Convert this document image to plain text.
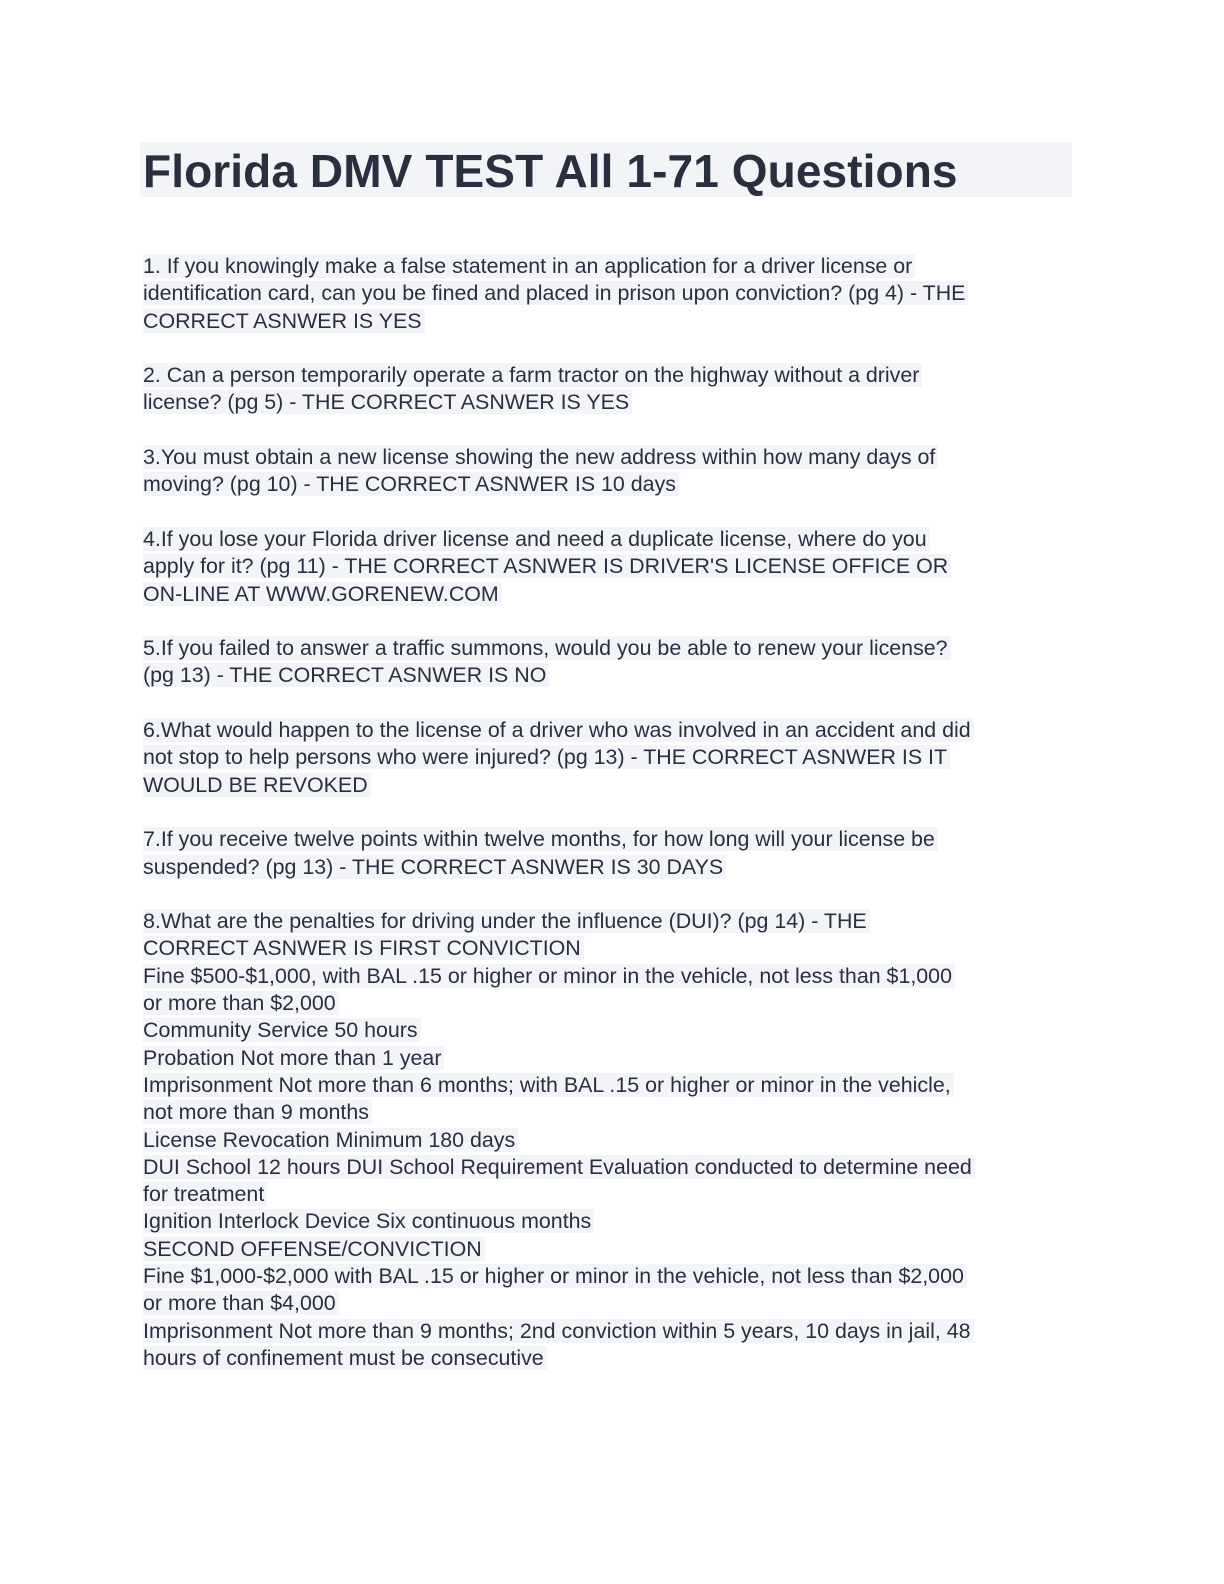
Florida DMV TEST All 1-71 Questions
1. If you knowingly make a false statement in an application for a driver license or
identification card, can you be fined and placed in prison upon conviction? (pg 4) - THE
CORRECT ASNWER IS YES
2. Can a person temporarily operate a farm tractor on the highway without a driver
license? (pg 5) - THE CORRECT ASNWER IS YES
3.You must obtain a new license showing the new address within how many days of
moving? (pg 10) - THE CORRECT ASNWER IS 10 days
4.If you lose your Florida driver license and need a duplicate license, where do you
apply for it? (pg 11) - THE CORRECT ASNWER IS DRIVER'S LICENSE OFFICE OR
ON-LINE AT WWW.GORENEW.COM
5.If you failed to answer a traffic summons, would you be able to renew your license?
(pg 13) - THE CORRECT ASNWER IS NO
6.What would happen to the license of a driver who was involved in an accident and did
not stop to help persons who were injured? (pg 13) - THE CORRECT ASNWER IS IT
WOULD BE REVOKED
7.If you receive twelve points within twelve months, for how long will your license be
suspended? (pg 13) - THE CORRECT ASNWER IS 30 DAYS
8.What are the penalties for driving under the influence (DUI)? (pg 14) - THE
CORRECT ASNWER IS FIRST CONVICTION
Fine $500-$1,000, with BAL .15 or higher or minor in the vehicle, not less than $1,000
or more than $2,000
Community Service 50 hours
Probation Not more than 1 year
Imprisonment Not more than 6 months; with BAL .15 or higher or minor in the vehicle,
not more than 9 months
License Revocation Minimum 180 days
DUI School 12 hours DUI School Requirement Evaluation conducted to determine need
for treatment
Ignition Interlock Device Six continuous months
SECOND OFFENSE/CONVICTION
Fine $1,000-$2,000 with BAL .15 or higher or minor in the vehicle, not less than $2,000
or more than $4,000
Imprisonment Not more than 9 months; 2nd conviction within 5 years, 10 days in jail, 48
hours of confinement must be consecutive
